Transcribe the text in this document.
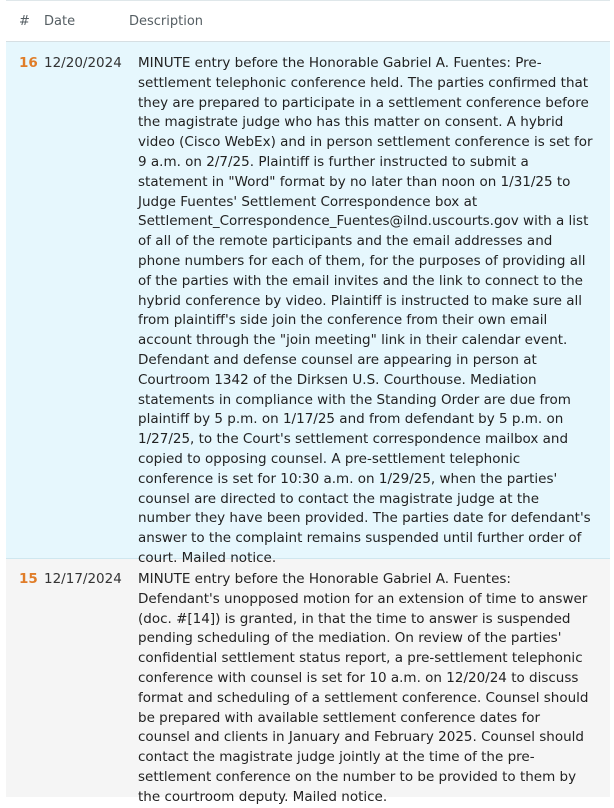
#	Date	Description
16 12/20/2024	MINUTE entry before the Honorable Gabriel A. Fuentes: Pre-settlement telephonic conference held. The parties confirmed that they are prepared to participate in a settlement conference before the magistrate judge who has this matter on consent. A hybrid video (Cisco WebEx) and in person settlement conference is set for 9 a.m. on 2/7/25. Plaintiff is further instructed to submit a statement in "Word" format by no later than noon on 1/31/25 to Judge Fuentes' Settlement Correspondence box at Settlement_Correspondence_Fuentes@ilnd.uscourts.gov with a list of all of the remote participants and the email addresses and phone numbers for each of them, for the purposes of providing all of the parties with the email invites and the link to connect to the hybrid conference by video. Plaintiff is instructed to make sure all from plaintiff's side join the conference from their own email account through the "join meeting" link in their calendar event. Defendant and defense counsel are appearing in person at Courtroom 1342 of the Dirksen U.S. Courthouse. Mediation statements in compliance with the Standing Order are due from plaintiff by 5 p.m. on 1/17/25 and from defendant by 5 p.m. on 1/27/25, to the Court's settlement correspondence mailbox and copied to opposing counsel. A pre-settlement telephonic conference is set for 10:30 a.m. on 1/29/25, when the parties' counsel are directed to contact the magistrate judge at the number they have been provided. The parties date for defendant's answer to the complaint remains suspended until further order of court. Mailed notice.
15 12/17/2024	MINUTE entry before the Honorable Gabriel A. Fuentes: Defendant's unopposed motion for an extension of time to answer (doc. #[14]) is granted, in that the time to answer is suspended pending scheduling of the mediation. On review of the parties' confidential settlement status report, a pre-settlement telephonic conference with counsel is set for 10 a.m. on 12/20/24 to discuss format and scheduling of a settlement conference. Counsel should be prepared with available settlement conference dates for counsel and clients in January and February 2025. Counsel should contact the magistrate judge jointly at the time of the pre-settlement conference on the number to be provided to them by the courtroom deputy. Mailed notice.
